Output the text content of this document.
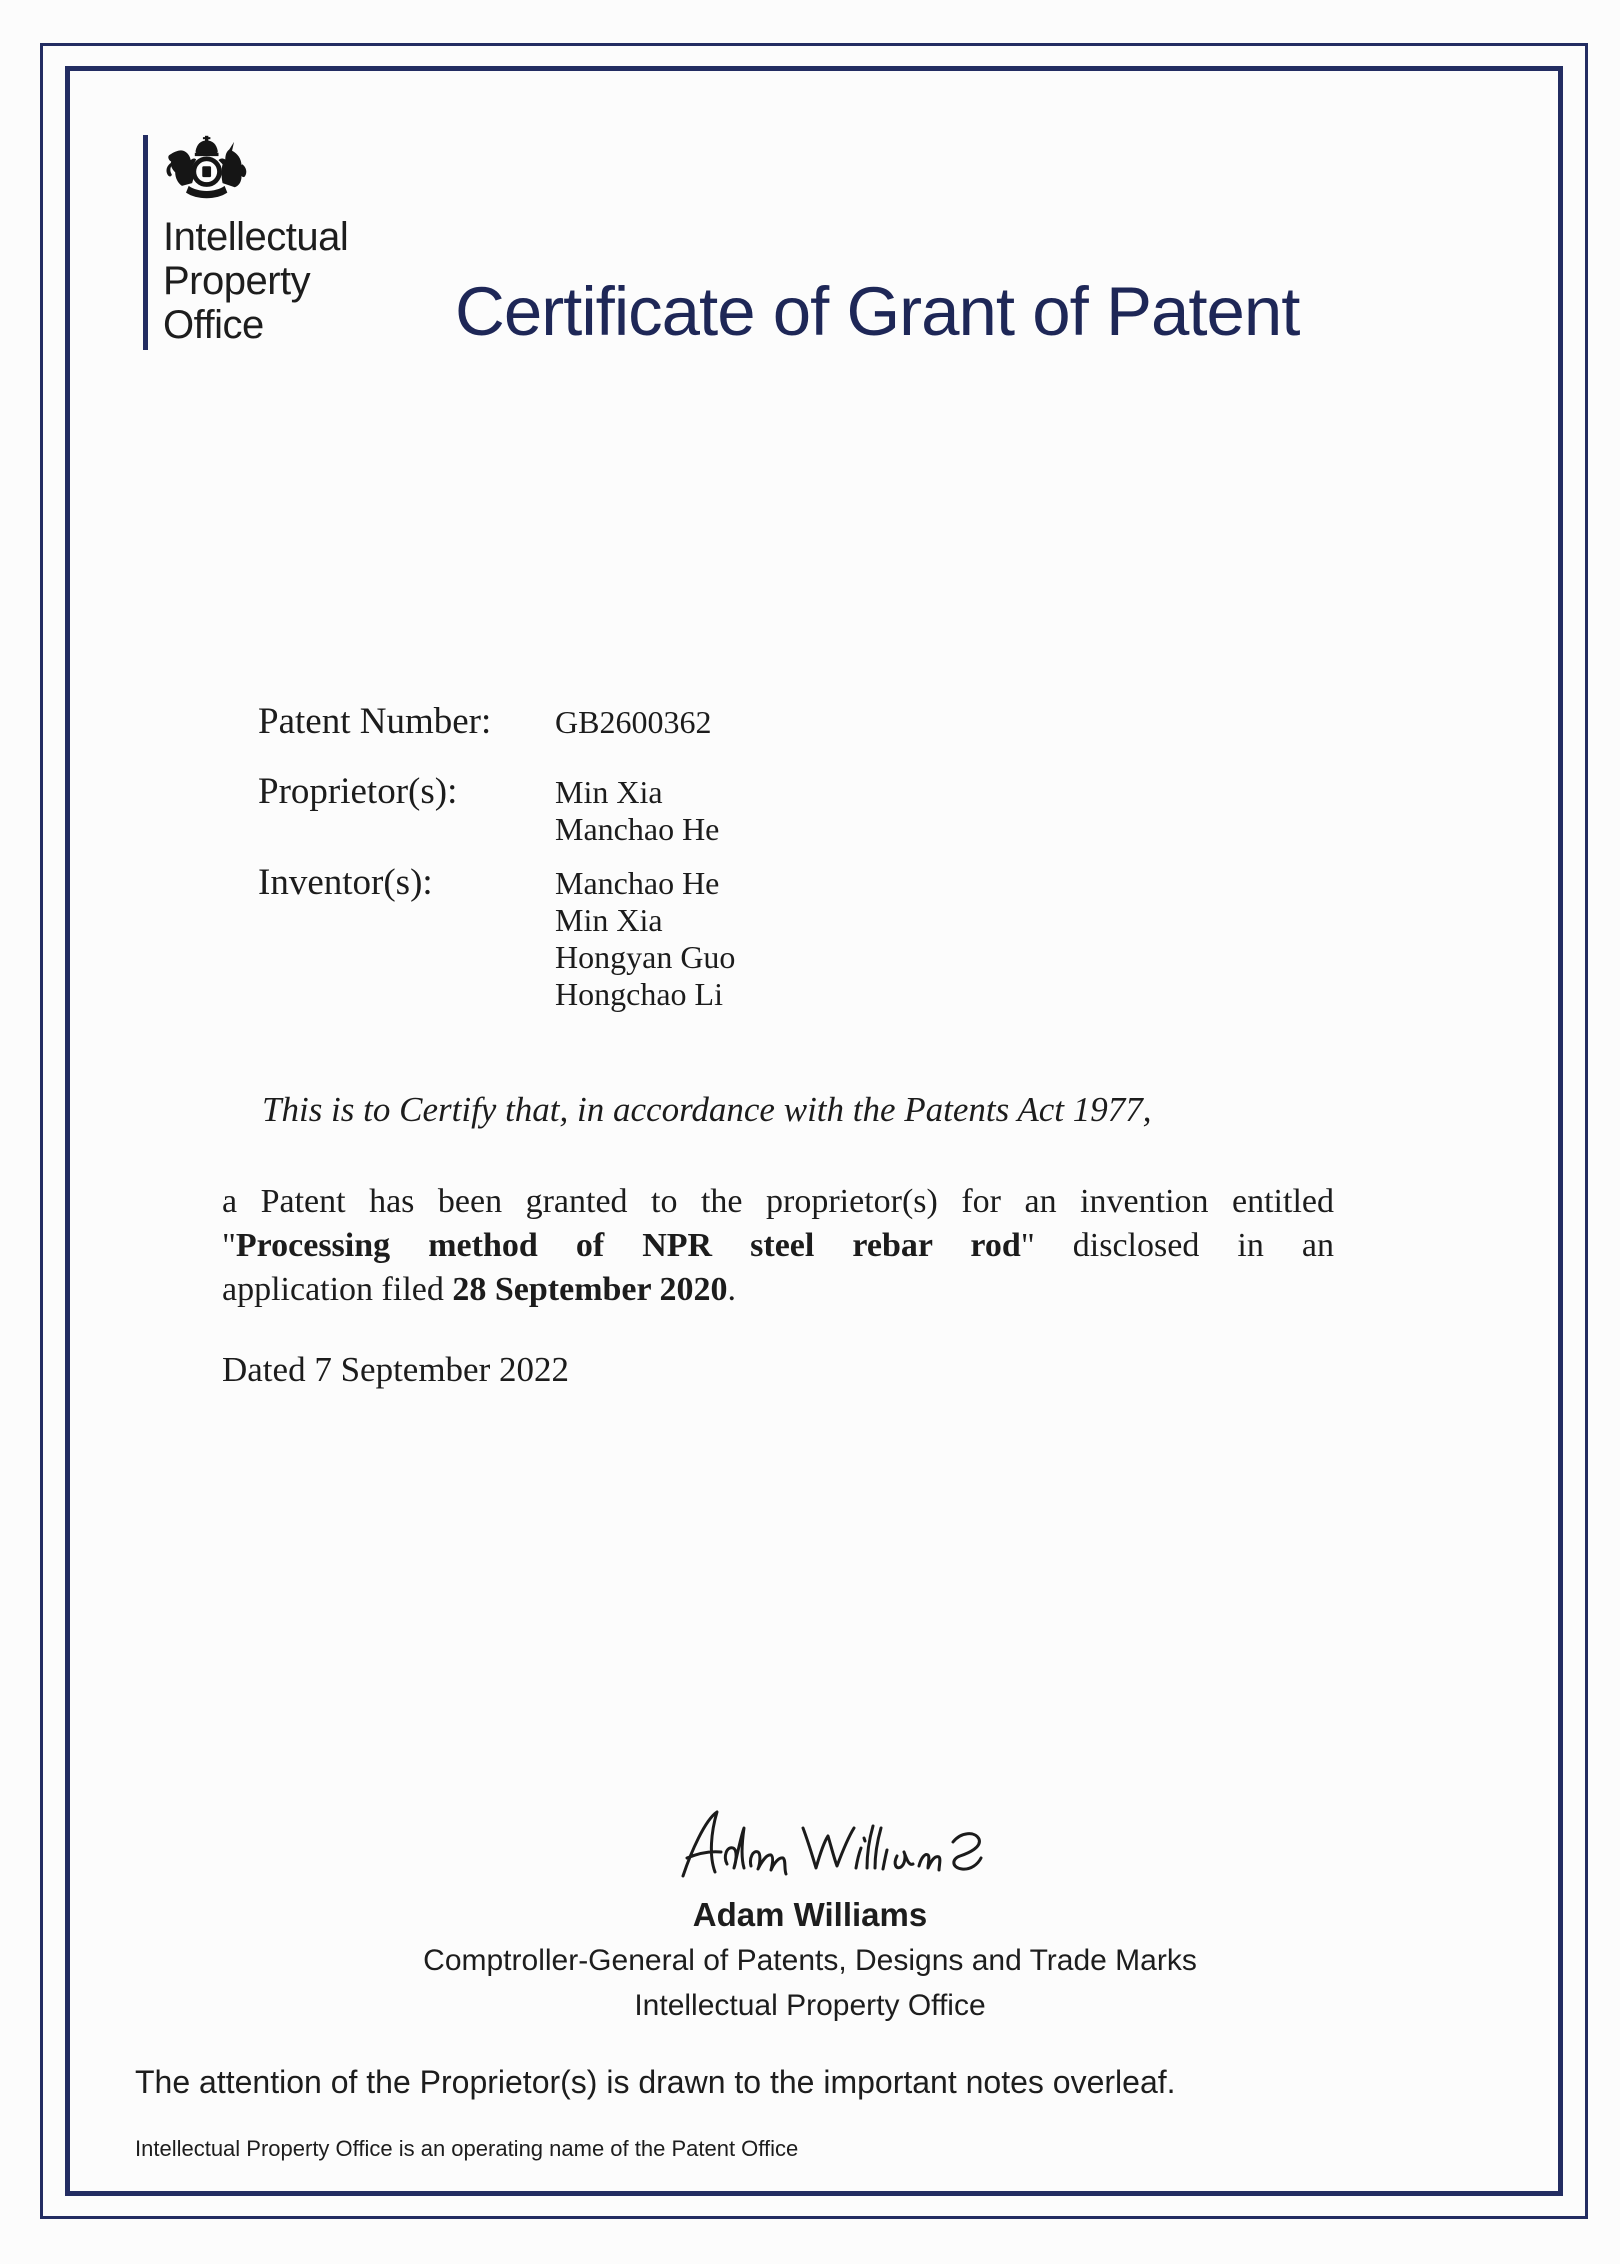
Intellectual
Property
Office	Certificate of Grant of Patent
Patent Number:	GB2600362
Proprietor(s):	Min Xia
Manchao He
Inventor(s):	Manchao He
Min Xia
Hongyan Guo
Hongchao Li

This is to Certify that, in accordance with the Patents Act 1977,

a Patent has been granted to the proprietor(s) for an invention entitled
"Processing method of NPR steel rebar rod" disclosed in an
application filed 28 September 2020.

Dated 7 September 2022

Adam Williams
Comptroller-General of Patents, Designs and Trade Marks
Intellectual Property Office

The attention of the Proprietor(s) is drawn to the important notes overleaf.

Intellectual Property Office is an operating name of the Patent Office
